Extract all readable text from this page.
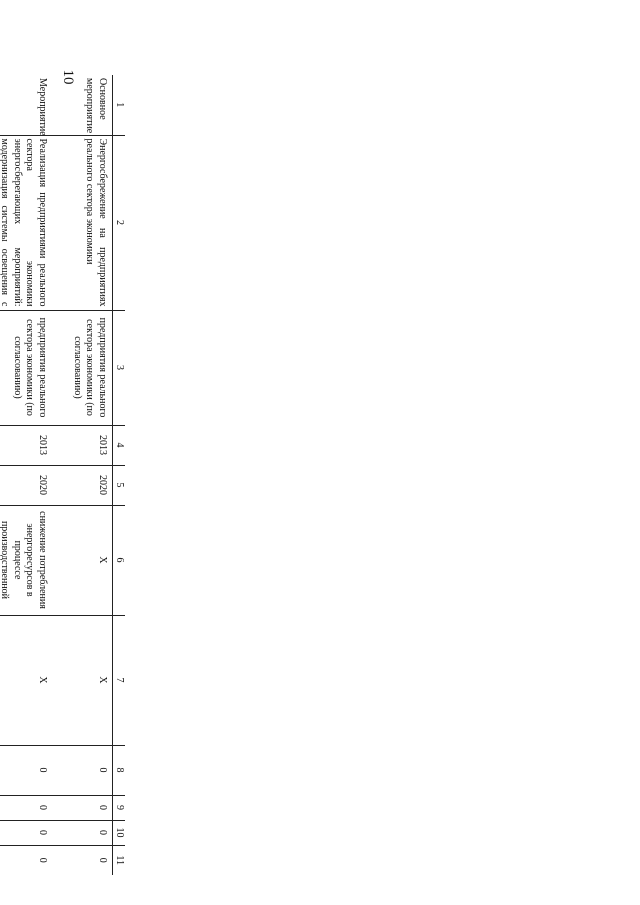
10
1	2	3	4	5	6	7	8	9	10	11
Основное мероприятие	Энергосбережение на предприятиях реального сектора экономики	предприятия реального сектора экономики (по согласованию)	2013	2020	Х	Х	0	0	0	0
Мероприятие	Реализация предприятиями реального сектора экономики энергосберегающих мероприятий: модернизация системы освещения с	предприятия реального сектора экономики (по согласованию)	2013	2020	снижение потребления энергоресурсов в процессе производственной	Х	0	0	0	0
